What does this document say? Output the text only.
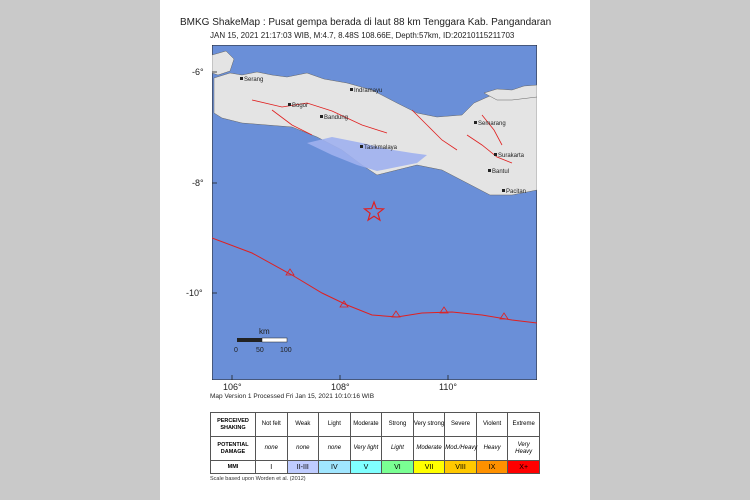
BMKG ShakeMap : Pusat gempa berada di laut 88 km Tenggara Kab. Pangandaran
JAN 15, 2021 21:17:03 WIB, M:4.7, 8.48S 108.66E, Depth:57km, ID:20210115211703
Serang
Bogor
Indramayu
Bandung
Tasikmalaya
Semarang
Surakarta
Bantul
Pacitan
km
0	50 100
-6°
-8°
-10°
106°	108°	110°
Map Version 1 Processed Fri Jan 15, 2021 10:10:16 WIB
PERCEIVED SHAKING	Not felt	Weak	Light	Moderate	Strong	Very strong	Severe	Violent	Extreme
POTENTIAL DAMAGE	none	none	none	Very light	Light	Moderate	Mod./Heavy	Heavy	Very Heavy
MMI	I	II-III	IV	V	VI	VII	VIII	IX	X+
Scale based upon Worden et al. (2012)
